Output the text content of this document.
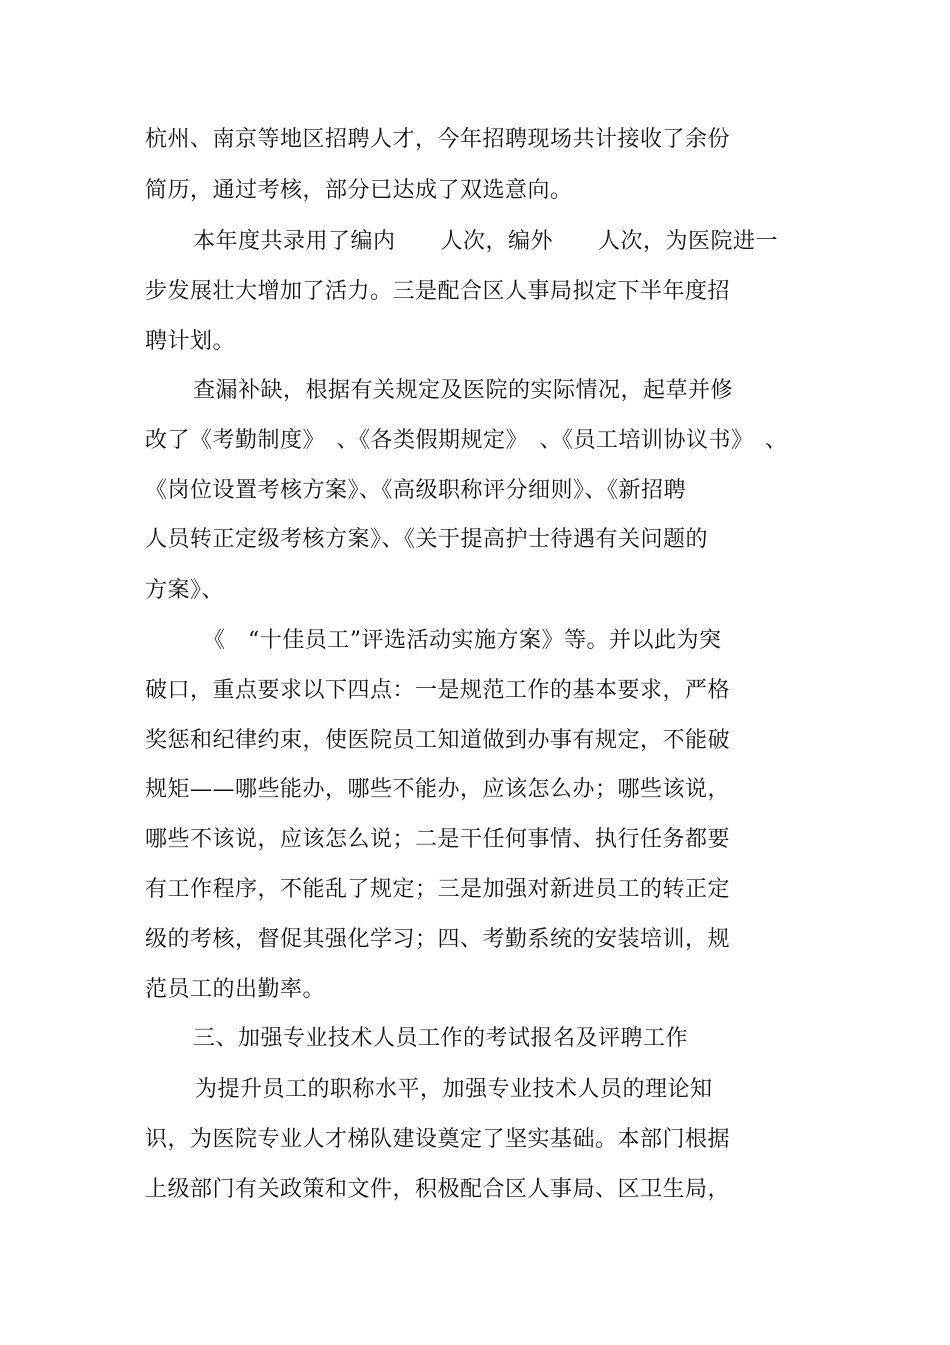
杭州、南京等地区招聘人才，今年招聘现场共计接收了余份
简历，通过考核，部分已达成了双选意向。
本年度共录用了编内　　人次，编外　　人次，为医院进一
步发展壮大增加了活力。三是配合区人事局拟定下半年度招
聘计划。
查漏补缺，根据有关规定及医院的实际情况，起草并修
改了《考勤制度》　、《各类假期规定》　、《员工培训协议书》　、
《岗位设置考核方案》、《高级职称评分细则》、《新招聘
人员转正定级考核方案》、《关于提高护士待遇有关问题的
方案》、
《　“十佳员工”评选活动实施方案》等。并以此为突
破口，重点要求以下四点：一是规范工作的基本要求，严格
奖惩和纪律约束，使医院员工知道做到办事有规定，不能破
规矩——哪些能办，哪些不能办，应该怎么办；哪些该说，
哪些不该说，应该怎么说；二是干任何事情、执行任务都要
有工作程序，不能乱了规定；三是加强对新进员工的转正定
级的考核，督促其强化学习；四、考勤系统的安装培训，规
范员工的出勤率。
三、加强专业技术人员工作的考试报名及评聘工作
为提升员工的职称水平，加强专业技术人员的理论知
识，为医院专业人才梯队建设奠定了坚实基础。本部门根据
上级部门有关政策和文件，积极配合区人事局、区卫生局，
